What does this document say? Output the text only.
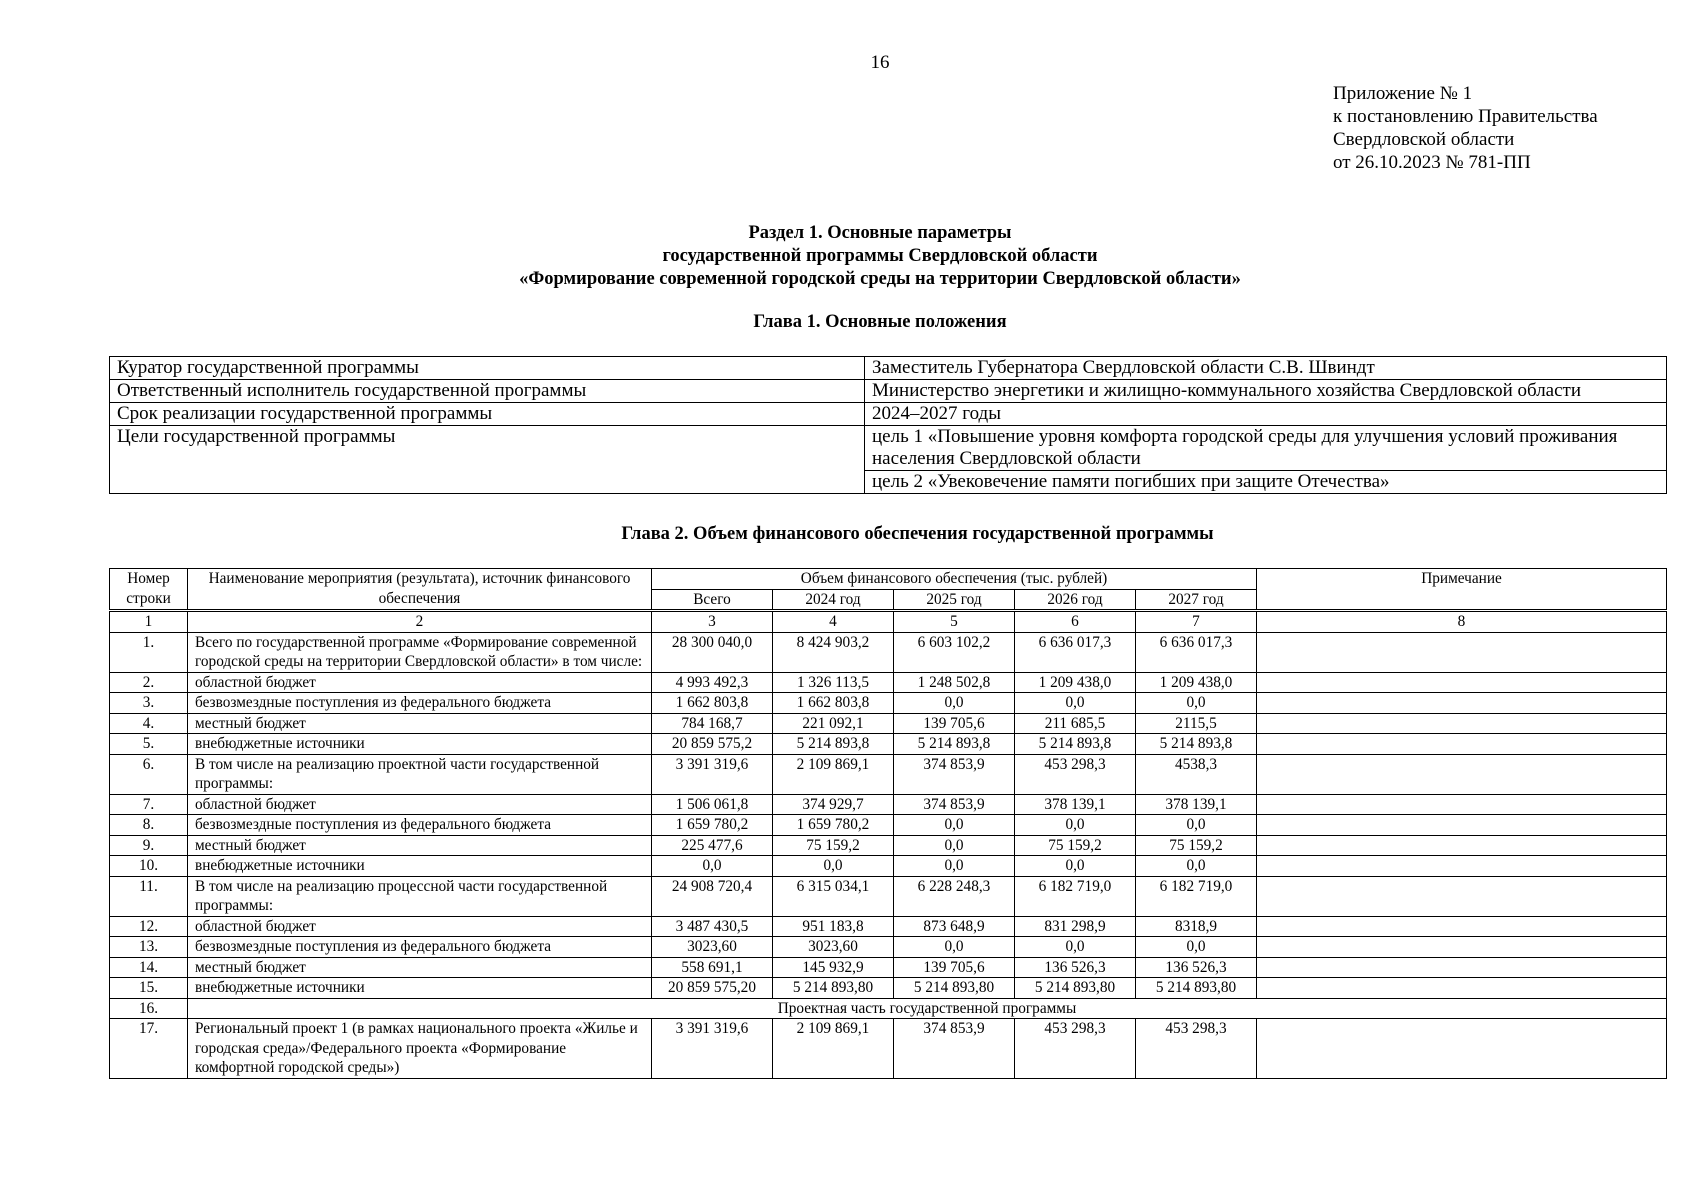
16
Приложение № 1
к постановлению Правительства
Свердловской области
от 26.10.2023 № 781-ПП
Раздел 1. Основные параметры
государственной программы Свердловской области
«Формирование современной городской среды на территории Свердловской области»
Глава 1. Основные положения
Куратор государственной программы	Заместитель Губернатора Свердловской области С.В. Швиндт
Ответственный исполнитель государственной программы	Министерство энергетики и жилищно-коммунального хозяйства Свердловской области
Срок реализации государственной программы	2024–2027 годы
Цели государственной программы	цель 1 «Повышение уровня комфорта городской среды для улучшения условий проживания населения Свердловской области
	цель 2 «Увековечение памяти погибших при защите Отечества»
Глава 2. Объем финансового обеспечения государственной программы
Номер строки	Наименование мероприятия (результата), источник финансового обеспечения	Объем финансового обеспечения (тыс. рублей)					Примечание
		Всего	2024 год	2025 год	2026 год	2027 год	
1	2	3	4	5	6	7	8
1.	Всего по государственной программе «Формирование современной городской среды на территории Свердловской области» в том числе:	28 300 040,0	8 424 903,2	6 603 102,2	6 636 017,3	6 636 017,3	
2.	областной бюджет	4 993 492,3	1 326 113,5	1 248 502,8	1 209 438,0	1 209 438,0	
3.	безвозмездные поступления из федерального бюджета	1 662 803,8	1 662 803,8	0,0	0,0	0,0	
4.	местный бюджет	784 168,7	221 092,1	139 705,6	211 685,5	2115,5	
5.	внебюджетные источники	20 859 575,2	5 214 893,8	5 214 893,8	5 214 893,8	5 214 893,8	
6.	В том числе на реализацию проектной части государственной программы:	3 391 319,6	2 109 869,1	374 853,9	453 298,3	4538,3	
7.	областной бюджет	1 506 061,8	374 929,7	374 853,9	378 139,1	378 139,1	
8.	безвозмездные поступления из федерального бюджета	1 659 780,2	1 659 780,2	0,0	0,0	0,0	
9.	местный бюджет	225 477,6	75 159,2	0,0	75 159,2	75 159,2	
10.	внебюджетные источники	0,0	0,0	0,0	0,0	0,0	
11.	В том числе на реализацию процессной части государственной программы:	24 908 720,4	6 315 034,1	6 228 248,3	6 182 719,0	6 182 719,0	
12.	областной бюджет	3 487 430,5	951 183,8	873 648,9	831 298,9	8318,9	
13.	безвозмездные поступления из федерального бюджета	3023,60	3023,60	0,0	0,0	0,0	
14.	местный бюджет	558 691,1	145 932,9	139 705,6	136 526,3	136 526,3	
15.	внебюджетные источники	20 859 575,20	5 214 893,80	5 214 893,80	5 214 893,80	5 214 893,80	
16.	Проектная часть государственной программы						
17.	Региональный проект 1 (в рамках национального проекта «Жилье и городская среда»/Федерального проекта «Формирование комфортной городской среды»)	3 391 319,6	2 109 869,1	374 853,9	453 298,3	453 298,3	
